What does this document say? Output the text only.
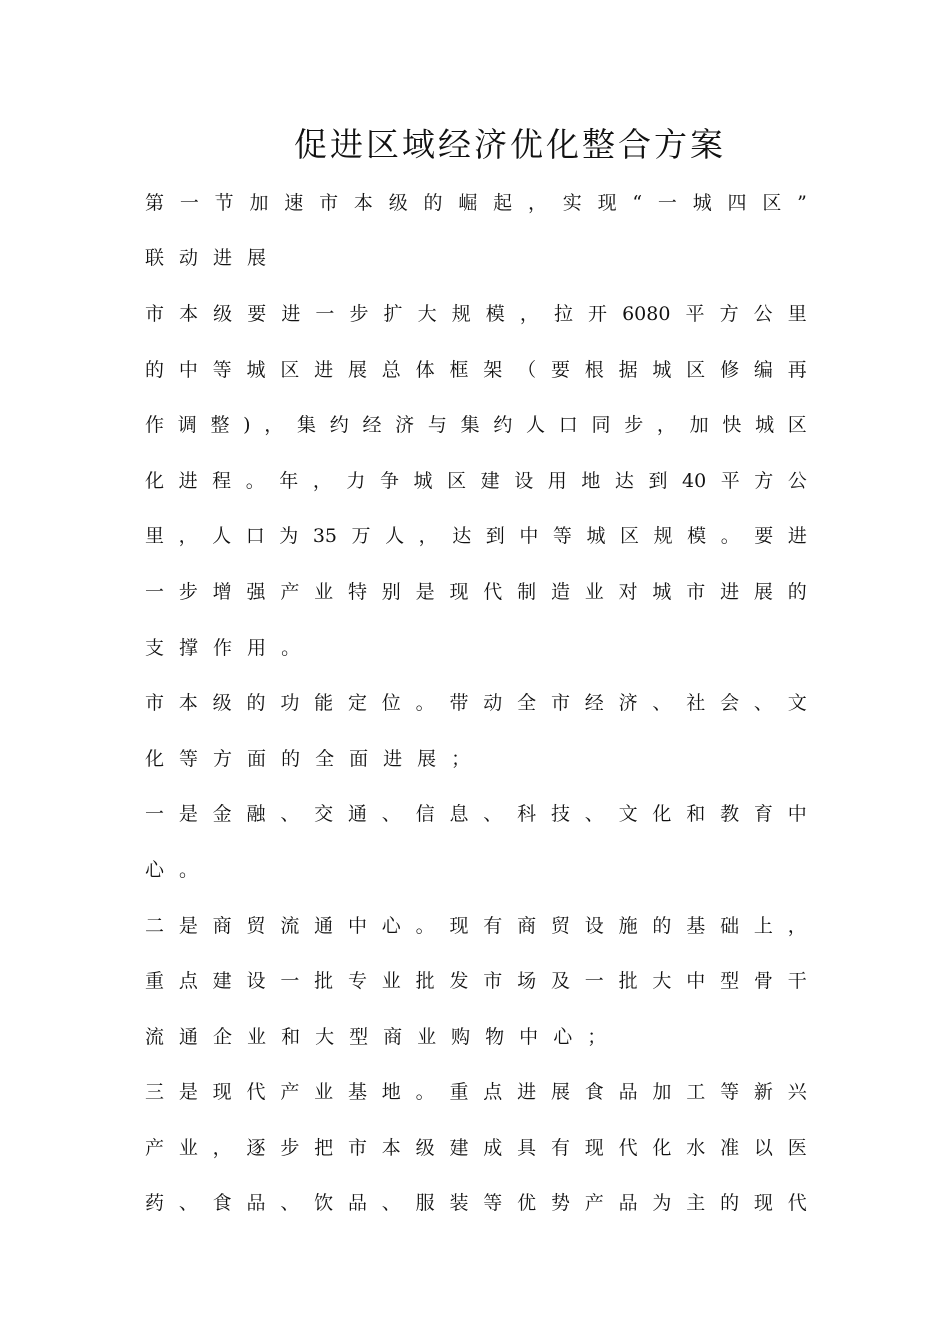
促进区域经济优化整合方案
第 一 节 加 速 市 本 级 的 崛 起 ， 实 现 “ 一 城 四 区 ”
联 动 进 展
市 本 级 要 进 一 步 扩 大 规 模 ， 拉 开 6080 平 方 公 里
的 中 等 城 区 进 展 总 体 框 架 （ 要 根 据 城 区 修 编 再
作 调 整 ) ， 集 约 经 济 与 集 约 人 口 同 步 ， 加 快 城 区
化 进 程 。 年 ， 力 争 城 区 建 设 用 地 达 到 40 平 方 公
里 ， 人 口 为 35 万 人 ， 达 到 中 等 城 区 规 模 。 要 进
一 步 增 强 产 业 特 别 是 现 代 制 造 业 对 城 市 进 展 的
支 撑 作 用 。
市 本 级 的 功 能 定 位 。 带 动 全 市 经 济 、 社 会 、 文
化 等 方 面 的 全 面 进 展 ；
一 是 金 融 、 交 通 、 信 息 、 科 技 、 文 化 和 教 育 中
心 。
二 是 商 贸 流 通 中 心 。 现 有 商 贸 设 施 的 基 础 上 ，
重 点 建 设 一 批 专 业 批 发 市 场 及 一 批 大 中 型 骨 干
流 通 企 业 和 大 型 商 业 购 物 中 心 ；
三 是 现 代 产 业 基 地 。 重 点 进 展 食 品 加 工 等 新 兴
产 业 ， 逐 步 把 市 本 级 建 成 具 有 现 代 化 水 准 以 医
药 、 食 品 、 饮 品 、 服 装 等 优 势 产 品 为 主 的 现 代
